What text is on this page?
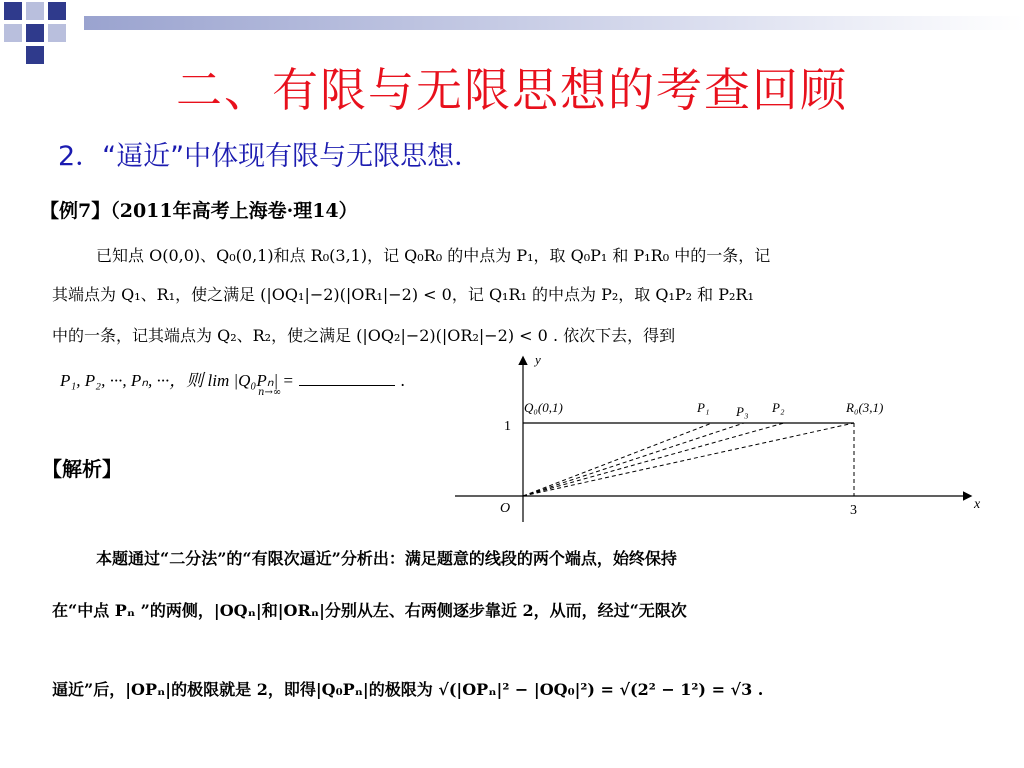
二、有限与无限思想的考查回顾
2．“逼近”中体现有限与无限思想．
【例7】（2011年高考上海卷·理14）
已知点 O(0,0)、Q₀(0,1)和点 R₀(3,1)，记 Q₀R₀ 的中点为 P₁，取 Q₀P₁ 和 P₁R₀ 中的一条，记
其端点为 Q₁、R₁，使之满足 (|OQ₁|−2)(|OR₁|−2) < 0，记 Q₁R₁ 的中点为 P₂，取 Q₁P₂ 和 P₂R₁
中的一条，记其端点为 Q₂、R₂，使之满足 (|OQ₂|−2)(|OR₂|−2) < 0 . 依次下去，得到
P₁, P₂, ···, Pₙ, ···，则 lim |Q₀Pₙ| =	.
n→∞
y
x
O
1
3
Q₀(0,1)	R₀(3,1)
P₁	P₂
P₃
【解析】
本题通过“二分法”的“有限次逼近”分析出：满足题意的线段的两个端点，始终保持
在“中点 Pₙ ”的两侧，|OQₙ|和|ORₙ|分别从左、右两侧逐步靠近 2，从而，经过“无限次
逼近”后，|OPₙ|的极限就是 2，即得|Q₀Pₙ|的极限为 √(|OPₙ|² − |OQ₀|²) = √(2² − 1²) = √3 .
